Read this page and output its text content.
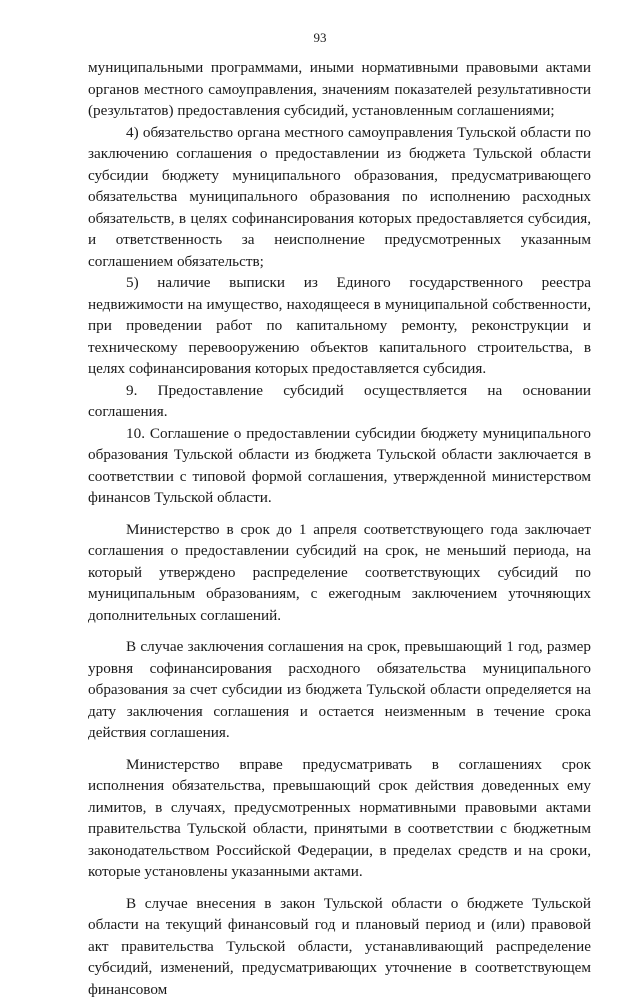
93

муниципальными программами, иными нормативными правовыми актами органов местного самоуправления, значениям показателей результативности (результатов) предоставления субсидий, установленным соглашениями;

4) обязательство органа местного самоуправления Тульской области по заключению соглашения о предоставлении из бюджета Тульской области субсидии бюджету муниципального образования, предусматривающего обязательства муниципального образования по исполнению расходных обязательств, в целях софинансирования которых предоставляется субсидия, и ответственность за неисполнение предусмотренных указанным соглашением обязательств;

5) наличие выписки из Единого государственного реестра недвижимости на имущество, находящееся в муниципальной собственности, при проведении работ по капитальному ремонту, реконструкции и техническому перевооружению объектов капитального строительства, в целях софинансирования которых предоставляется субсидия.

9. Предоставление субсидий осуществляется на основании соглашения.

10. Соглашение о предоставлении субсидии бюджету муниципального образования Тульской области из бюджета Тульской области заключается в соответствии с типовой формой соглашения, утвержденной министерством финансов Тульской области.

Министерство в срок до 1 апреля соответствующего года заключает соглашения о предоставлении субсидий на срок, не меньший периода, на который утверждено распределение соответствующих субсидий по муниципальным образованиям, с ежегодным заключением уточняющих дополнительных соглашений.

В случае заключения соглашения на срок, превышающий 1 год, размер уровня софинансирования расходного обязательства муниципального образования за счет субсидии из бюджета Тульской области определяется на дату заключения соглашения и остается неизменным в течение срока действия соглашения.

Министерство вправе предусматривать в соглашениях срок исполнения обязательства, превышающий срок действия доведенных ему лимитов, в случаях, предусмотренных нормативными правовыми актами правительства Тульской области, принятыми в соответствии с бюджетным законодательством Российской Федерации, в пределах средств и на сроки, которые установлены указанными актами.

В случае внесения в закон Тульской области о бюджете Тульской области на текущий финансовый год и плановый период и (или) правовой акт правительства Тульской области, устанавливающий распределение субсидий, изменений, предусматривающих уточнение в соответствующем финансовом
